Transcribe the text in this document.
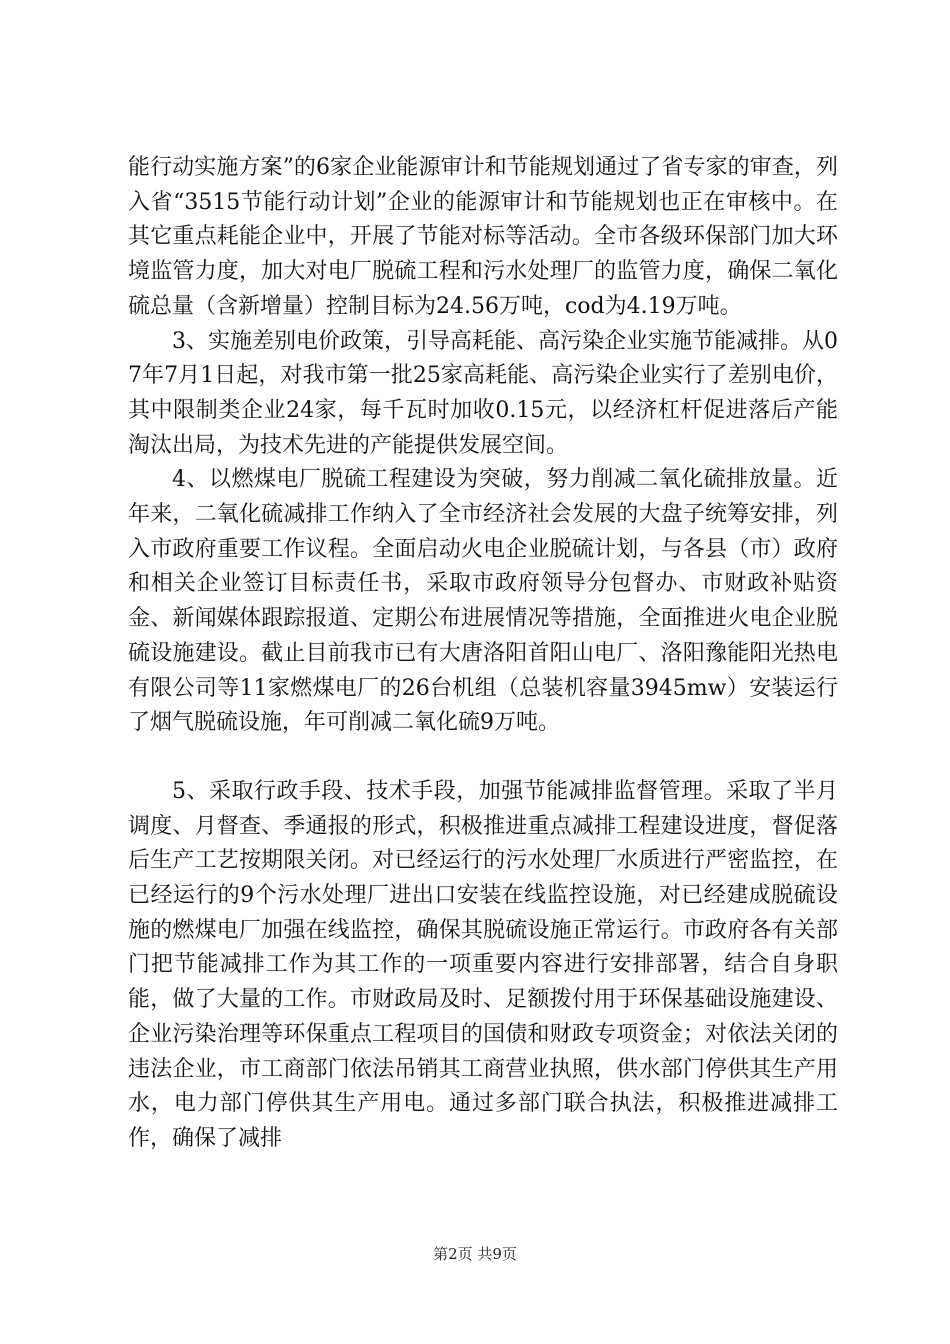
能行动实施方案”的6家企业能源审计和节能规划通过了省专家的审查，列入省“3515节能行动计划”企业的能源审计和节能规划也正在审核中。在其它重点耗能企业中，开展了节能对标等活动。全市各级环保部门加大环境监管力度，加大对电厂脱硫工程和污水处理厂的监管力度，确保二氧化硫总量（含新增量）控制目标为24.56万吨，cod为4.19万吨。

3、实施差别电价政策，引导高耗能、高污染企业实施节能减排。从07年7月1日起，对我市第一批25家高耗能、高污染企业实行了差别电价，其中限制类企业24家，每千瓦时加收0.15元，以经济杠杆促进落后产能淘汰出局，为技术先进的产能提供发展空间。

4、以燃煤电厂脱硫工程建设为突破，努力削减二氧化硫排放量。近年来，二氧化硫减排工作纳入了全市经济社会发展的大盘子统筹安排，列入市政府重要工作议程。全面启动火电企业脱硫计划，与各县（市）政府和相关企业签订目标责任书，采取市政府领导分包督办、市财政补贴资金、新闻媒体跟踪报道、定期公布进展情况等措施，全面推进火电企业脱硫设施建设。截止目前我市已有大唐洛阳首阳山电厂、洛阳豫能阳光热电有限公司等11家燃煤电厂的26台机组（总装机容量3945mw）安装运行了烟气脱硫设施，年可削减二氧化硫9万吨。

5、采取行政手段、技术手段，加强节能减排监督管理。采取了半月调度、月督查、季通报的形式，积极推进重点减排工程建设进度，督促落后生产工艺按期限关闭。对已经运行的污水处理厂水质进行严密监控，在已经运行的9个污水处理厂进出口安装在线监控设施，对已经建成脱硫设施的燃煤电厂加强在线监控，确保其脱硫设施正常运行。市政府各有关部门把节能减排工作为其工作的一项重要内容进行安排部署，结合自身职能，做了大量的工作。市财政局及时、足额拨付用于环保基础设施建设、企业污染治理等环保重点工程项目的国债和财政专项资金；对依法关闭的违法企业，市工商部门依法吊销其工商营业执照，供水部门停供其生产用水，电力部门停供其生产用电。通过多部门联合执法，积极推进减排工作，确保了减排

第2页 共9页
